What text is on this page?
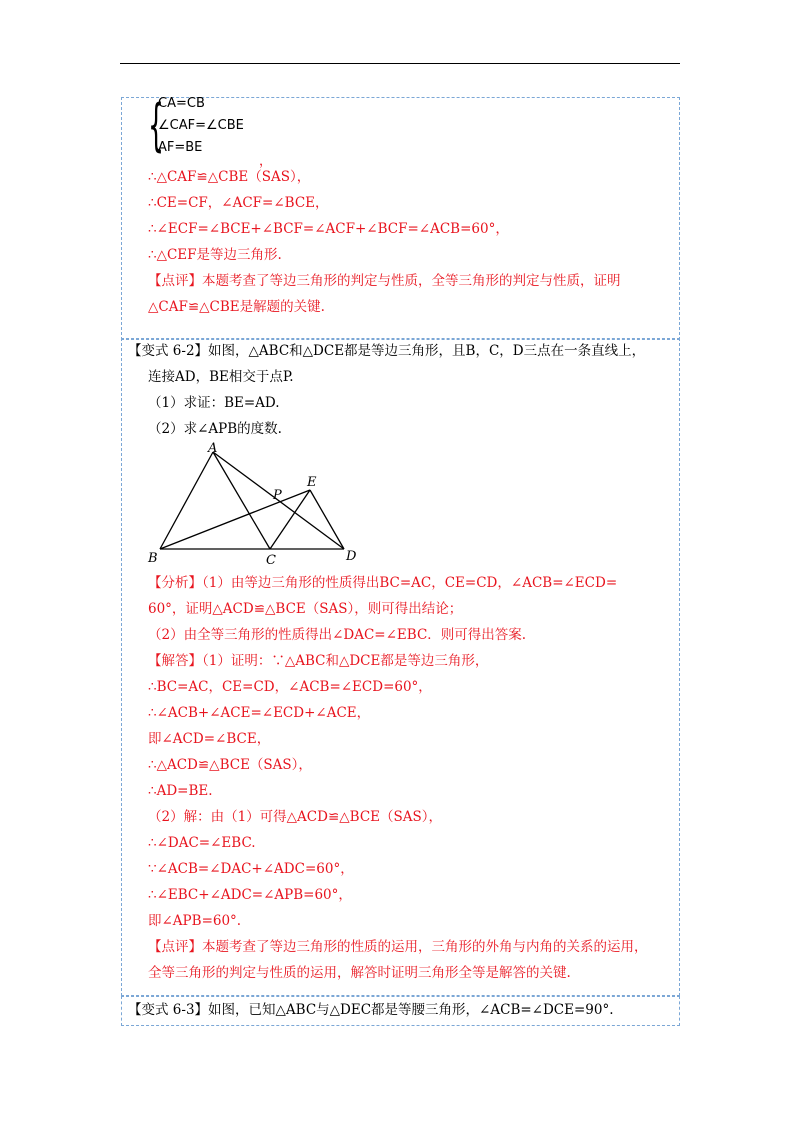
{
CA=CB
∠CAF=∠CBE
AF=BE
，
∴△CAF≌△CBE（SAS），
∴CE=CF，∠ACF=∠BCE，
∴∠ECF=∠BCE+∠BCF=∠ACF+∠BCF=∠ACB=60°，
∴△CEF是等边三角形.
【点评】本题考查了等边三角形的判定与性质，全等三角形的判定与性质，证明
△CAF≌△CBE是解题的关键.
【变式 6-2】如图，△ABC和△DCE都是等边三角形，且B，C，D三点在一条直线上，
连接AD，BE相交于点P.
（1）求证：BE=AD.
（2）求∠APB的度数.
A
B	C	D
E
P
【分析】（1）由等边三角形的性质得出BC=AC，CE=CD，∠ACB=∠ECD=
60°，证明△ACD≌△BCE（SAS），则可得出结论；
（2）由全等三角形的性质得出∠DAC=∠EBC．则可得出答案.
【解答】（1）证明：∵△ABC和△DCE都是等边三角形，
∴BC=AC，CE=CD，∠ACB=∠ECD=60°，
∴∠ACB+∠ACE=∠ECD+∠ACE，
即∠ACD=∠BCE，
∴△ACD≌△BCE（SAS），
∴AD=BE.
（2）解：由（1）可得△ACD≌△BCE（SAS），
∴∠DAC=∠EBC.
∵∠ACB=∠DAC+∠ADC=60°，
∴∠EBC+∠ADC=∠APB=60°，
即∠APB=60°.
【点评】本题考查了等边三角形的性质的运用，三角形的外角与内角的关系的运用，
全等三角形的判定与性质的运用，解答时证明三角形全等是解答的关键.
【变式 6-3】如图，已知△ABC与△DEC都是等腰三角形，∠ACB=∠DCE=90°.
